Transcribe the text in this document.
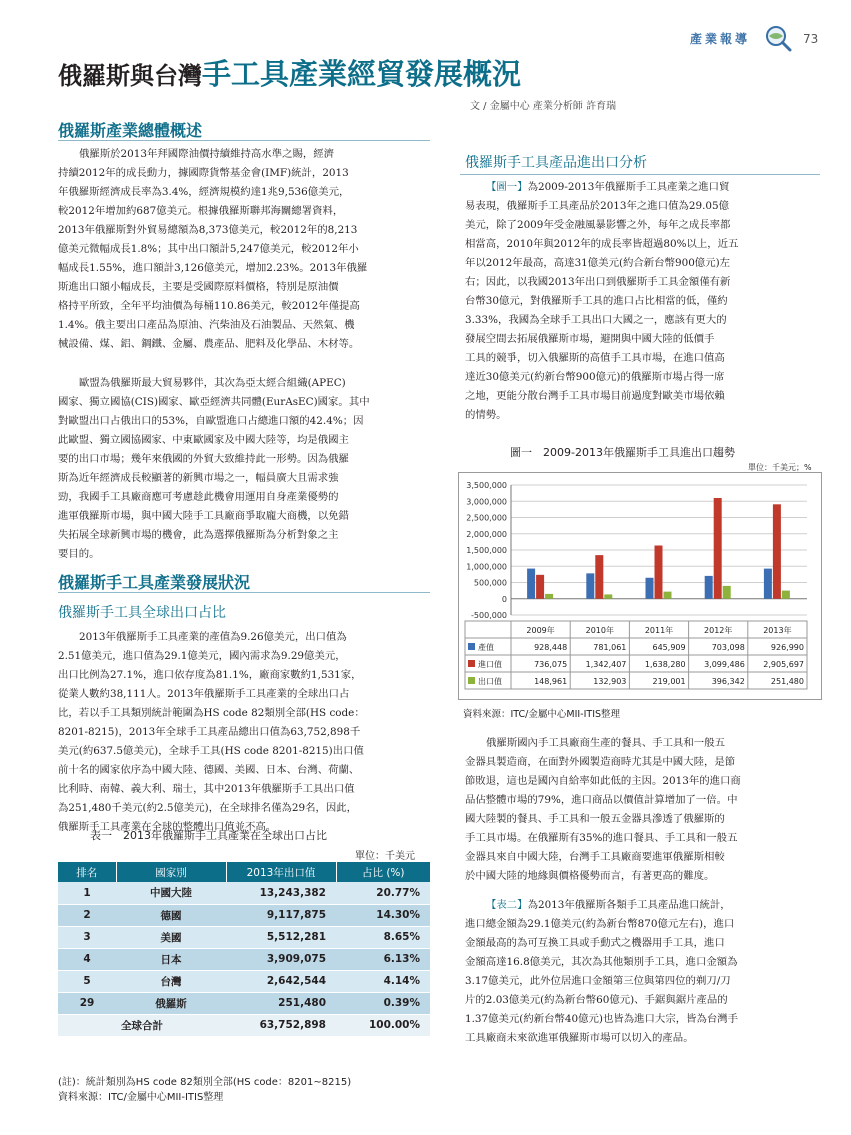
產業報導	73
俄羅斯與台灣手工具產業經貿發展概況
文 / 金屬中心 產業分析師 許育瑞
俄羅斯產業總體概述
俄羅斯於2013年拜國際油價持續維持高水準之賜，經濟
持續2012年的成長動力，據國際貨幣基金會(IMF)統計，2013
年俄羅斯經濟成長率為3.4%，經濟規模約達1兆9,536億美元，
較2012年增加約687億美元。根據俄羅斯聯邦海關總署資料，
2013年俄羅斯對外貿易總額為8,373億美元，較2012年的8,213
億美元微幅成長1.8%；其中出口額計5,247億美元，較2012年小
幅成長1.55%，進口額計3,126億美元，增加2.23%。2013年俄羅
斯進出口額小幅成長，主要是受國際原料價格，特別是原油價
格持平所致，全年平均油價為每桶110.86美元，較2012年僅提高
1.4%。俄主要出口產品為原油、汽柴油及石油製品、天然氣、機
械設備、煤、鋁、鋼鐵、金屬、農產品、肥料及化學品、木材等。
歐盟為俄羅斯最大貿易夥伴，其次為亞太經合組織(APEC)
國家、獨立國協(CIS)國家、歐亞經濟共同體(EurAsEC)國家。其中
對歐盟出口占俄出口的53%，自歐盟進口占總進口額的42.4%；因
此歐盟、獨立國協國家、中東歐國家及中國大陸等，均是俄國主
要的出口市場；幾年來俄國的外貿大致維持此一形勢。因為俄羅
斯為近年經濟成長較顯著的新興市場之一，幅員廣大且需求強
勁，我國手工具廠商應可考慮趁此機會用運用自身產業優勢的
進軍俄羅斯市場，與中國大陸手工具廠商爭取龐大商機，以免錯
失拓展全球新興市場的機會，此為選擇俄羅斯為分析對象之主
要目的。
俄羅斯手工具產業發展狀況
俄羅斯手工具全球出口占比
2013年俄羅斯手工具產業的產值為9.26億美元，出口值為
2.51億美元，進口值為29.1億美元，國內需求為9.29億美元，
出口比例為27.1%，進口依存度為81.1%，廠商家數約1,531家，
從業人數約38,111人。2013年俄羅斯手工具產業的全球出口占
比，若以手工具類別統計範圍為HS code 82類別全部(HS code：
8201-8215)，2013年全球手工具產品總出口值為63,752,898千
美元(約637.5億美元)，全球手工具(HS code 8201-8215)出口值
前十名的國家依序為中國大陸、德國、美國、日本、台灣、荷蘭、
比利時、南韓、義大利、瑞士，其中2013年俄羅斯手工具出口值
為251,480千美元(約2.5億美元)，在全球排名僅為29名，因此，
俄羅斯手工具產業在全球的整體出口值並不高。
表一　2013年俄羅斯手工具產業在全球出口占比
單位：千美元
排名	國家別	2013年出口值	占比 (%)
1	中國大陸	13,243,382	20.77%
2	德國	9,117,875	14.30%
3	美國	5,512,281	8.65%
4	日本	3,909,075	6.13%
5	台灣	2,642,544	4.14%
29	俄羅斯	251,480	0.39%
全球合計		63,752,898	100.00%
(註)：統計類別為HS code 82類別全部(HS code：8201~8215)
資料來源：ITC/金屬中心MII-ITIS整理
俄羅斯手工具產品進出口分析
【圖一】為2009-2013年俄羅斯手工具產業之進口貿
易表現，俄羅斯手工具產品於2013年之進口值為29.05億
美元，除了2009年受金融風暴影響之外，每年之成長率都
相當高，2010年與2012年的成長率皆超過80%以上，近五
年以2012年最高，高達31億美元(約合新台幣900億元)左
右；因此，以我國2013年出口到俄羅斯手工具金額僅有新
台幣30億元，對俄羅斯手工具的進口占比相當的低，僅約
3.33%，我國為全球手工具出口大國之一，應該有更大的
發展空間去拓展俄羅斯市場，避開與中國大陸的低價手
工具的競爭，切入俄羅斯的高值手工具市場，在進口值高
達近30億美元(約新台幣900億元)的俄羅斯市場占得一席
之地，更能分散台灣手工具市場目前過度對歐美市場依賴
的情勢。
圖一　2009-2013年俄羅斯手工具進出口趨勢
單位：千美元；%
3,500,000
3,000,000
2,500,000
2,000,000
1,500,000
1,000,000
500,000
0
-500,000
2009年	2010年	2011年	2012年	2013年
產值	928,448	781,061	645,909	703,098	926,990
進口值	736,075 1,342,407 1,638,280 3,099,486 2,905,697
出口值	148,961	132,903	219,001	396,342	251,480
資料來源：ITC/金屬中心MII-ITIS整理
俄羅斯國內手工具廠商生產的餐具、手工具和一般五
金器具製造商，在面對外國製造商時尤其是中國大陸，是節
節敗退，這也是國內自給率如此低的主因。2013年的進口商
品佔整體市場的79%，進口商品以價值計算增加了一倍。中
國大陸製的餐具、手工具和一般五金器具滲透了俄羅斯的
手工具市場。在俄羅斯有35%的進口餐具、手工具和一般五
金器具來自中國大陸，台灣手工具廠商要進軍俄羅斯相較
於中國大陸的地緣與價格優勢而言，有著更高的難度。
【表二】為2013年俄羅斯各類手工具產品進口統計，
進口總金額為29.1億美元(約為新台幣870億元左右)，進口
金額最高的為可互換工具或手動式之機器用手工具，進口
金額高達16.8億美元，其次為其他類別手工具，進口金額為
3.17億美元，此外位居進口金額第三位與第四位的剃刀/刀
片的2.03億美元(約為新台幣60億元)、手鋸與鋸片產品的
1.37億美元(約新台幣40億元)也皆為進口大宗，皆為台灣手
工具廠商未來欲進軍俄羅斯市場可以切入的產品。
